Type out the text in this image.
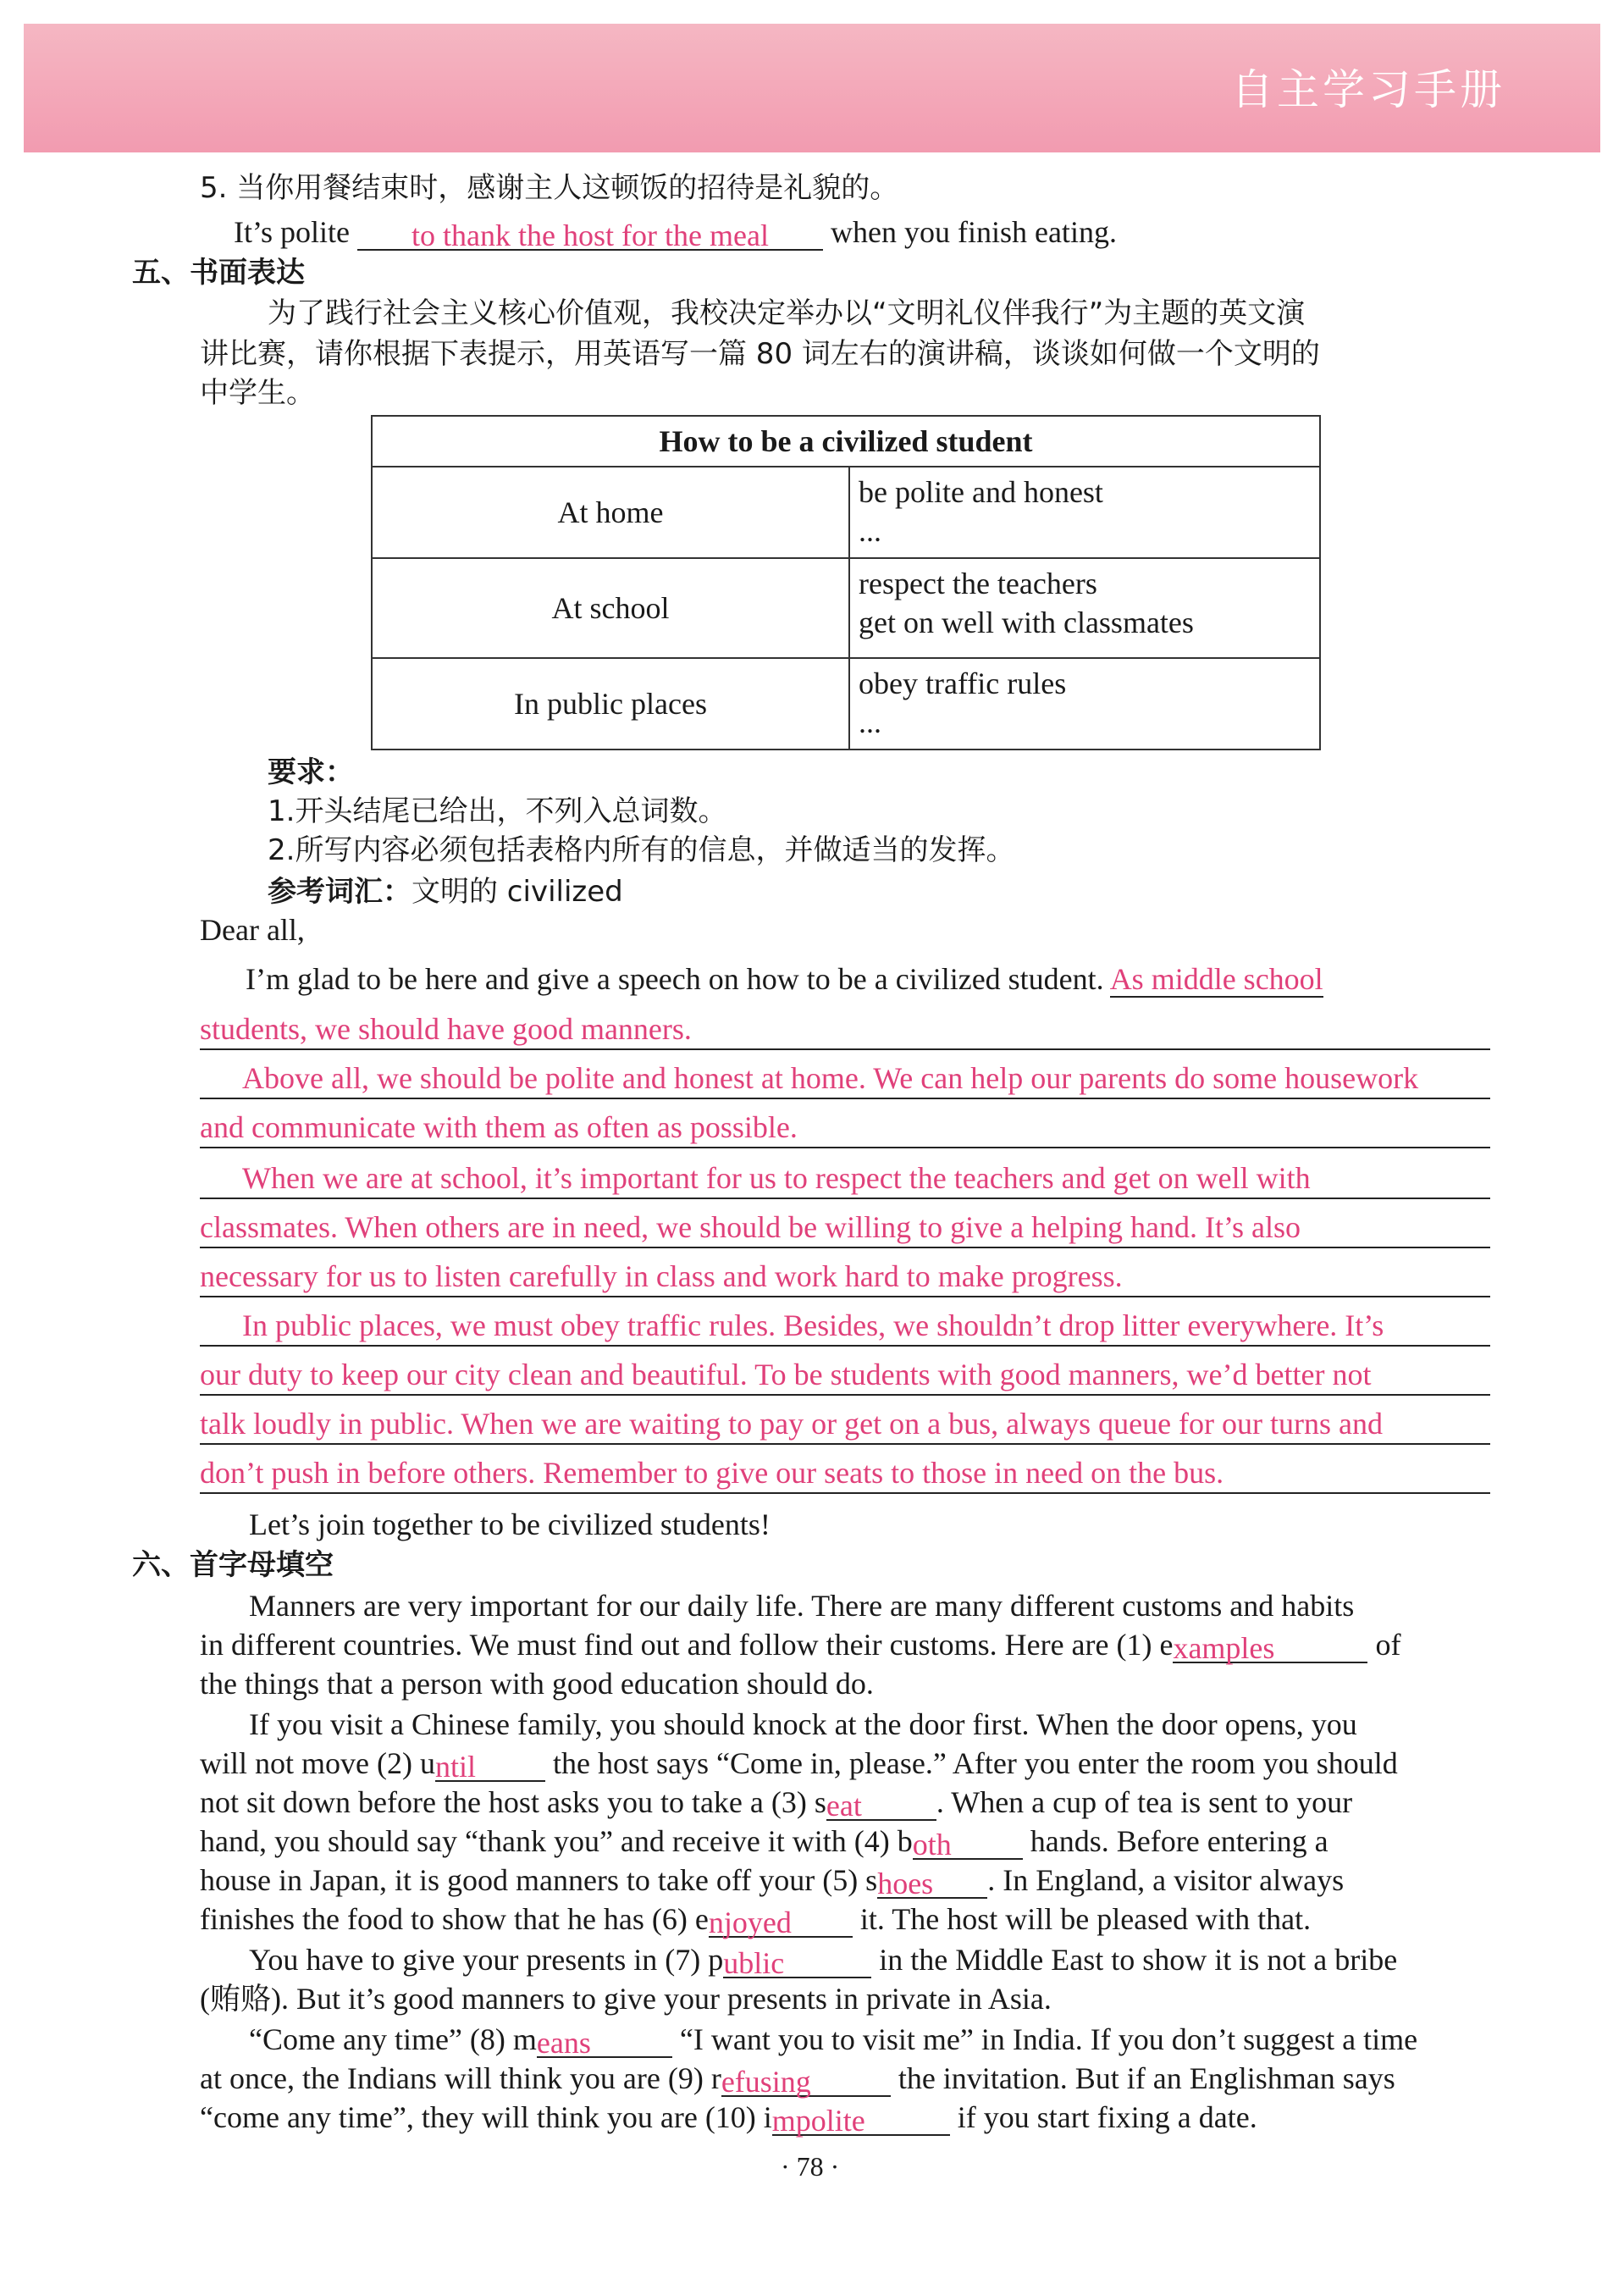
自主学习手册
5. 当你用餐结束时，感谢主人这顿饭的招待是礼貌的。
It’s polite to thank the host for the meal when you finish eating.
五、书面表达
为了践行社会主义核心价值观，我校决定举办以“文明礼仪伴我行”为主题的英文演
讲比赛，请你根据下表提示，用英语写一篇 80 词左右的演讲稿，谈谈如何做一个文明的
中学生。
How to be a civilized student	
At home	be polite and honest
...

At school	respect the teachers
get on well with classmates

In public places	obey traffic rules
...
要求：
1.开头结尾已给出，不列入总词数。
2.所写内容必须包括表格内所有的信息，并做适当的发挥。
参考词汇：文明的 civilized
Dear all,
I’m glad to be here and give a speech on how to be a civilized student. As middle school
students, we should have good manners.
Above all, we should be polite and honest at home. We can help our parents do some housework
and communicate with them as often as possible.
When we are at school, it’s important for us to respect the teachers and get on well with
classmates. When others are in need, we should be willing to give a helping hand. It’s also
necessary for us to listen carefully in class and work hard to make progress.
In public places, we must obey traffic rules. Besides, we shouldn’t drop litter everywhere. It’s
our duty to keep our city clean and beautiful. To be students with good manners, we’d better not
talk loudly in public. When we are waiting to pay or get on a bus, always queue for our turns and
don’t push in before others. Remember to give our seats to those in need on the bus.
Let’s join together to be civilized students!
六、首字母填空
Manners are very important for our daily life. There are many different customs and habits
in different countries. We must find out and follow their customs. Here are (1) examples	of
the things that a person with good education should do.
If you visit a Chinese family, you should knock at the door first. When the door opens, you
will not move (2) until the host says “Come in, please.” After you enter the room you should
not sit down before the host asks you to take a (3) seat . When a cup of tea is sent to your
hand, you should say “thank you” and receive it with (4) both hands. Before entering a
house in Japan, it is good manners to take off your (5) shoes . In England, a visitor always
finishes the food to show that he has (6) enjoyed it. The host will be pleased with that.
You have to give your presents in (7) public	in the Middle East to show it is not a bribe
(贿赂). But it’s good manners to give your presents in private in Asia.
“Come any time” (8) means	“I want you to visit me” in India. If you don’t suggest a time
at once, the Indians will think you are (9) refusing	the invitation. But if an Englishman says
“come any time”, they will think you are (10) impolite	if you start fixing a date.
· 78 ·
